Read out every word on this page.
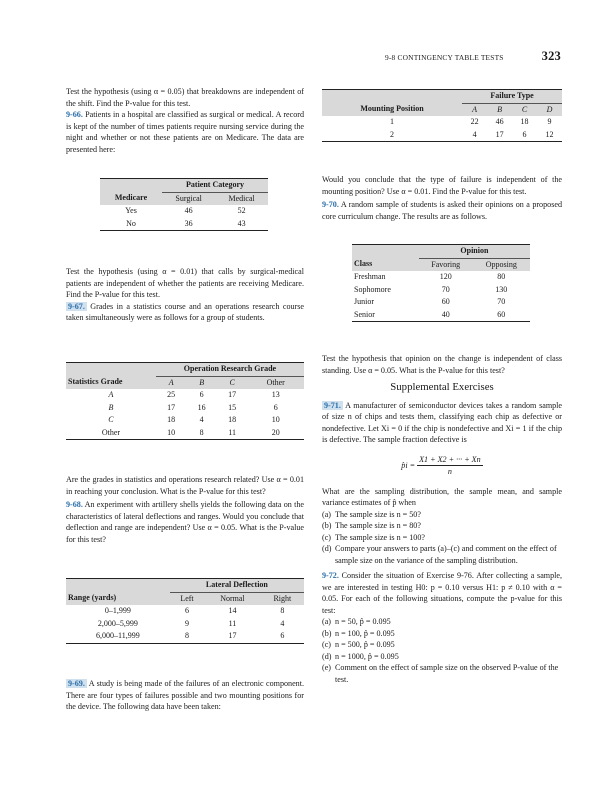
9-8 CONTINGENCY TABLE TESTS	323

Test the hypothesis (using α = 0.05) that breakdowns are independent of the shift. Find the P-value for this test.

9-66. Patients in a hospital are classified as surgical or medical. A record is kept of the number of times patients require nursing service during the night and whether or not these patients are on Medicare. The data are presented here:

	Patient Category	
Medicare	Surgical	Medical
Yes	46	52
No	36	43

Test the hypothesis (using α = 0.01) that calls by surgical-medical patients are independent of whether the patients are receiving Medicare. Find the P-value for this test.

9-67. Grades in a statistics course and an operations research course taken simultaneously were as follows for a group of students.

	Operation Research Grade			
Statistics Grade	A	B	C	Other
A	25	6	17	13
B	17	16	15	6
C	18	4	18	10
Other	10	8	11	20

Are the grades in statistics and operations research related? Use α = 0.01 in reaching your conclusion. What is the P-value for this test?

9-68. An experiment with artillery shells yields the following data on the characteristics of lateral deflections and ranges. Would you conclude that deflection and range are independent? Use α = 0.05. What is the P-value for this test?

	Lateral Deflection		
Range (yards)	Left	Normal	Right
0–1,999	6	14	8
2,000–5,999	9	11	4
6,000–11,999	8	17	6

9-69. A study is being made of the failures of an electronic component. There are four types of failures possible and two mounting positions for the device. The following data have been taken:

	Failure Type			
Mounting Position	A	B	C	D
1	22	46	18	9
2	4	17	6	12

Would you conclude that the type of failure is independent of the mounting position? Use α = 0.01. Find the P-value for this test.

9-70. A random sample of students is asked their opinions on a proposed core curriculum change. The results are as follows.

	Opinion	
Class	Favoring	Opposing
Freshman	120	80
Sophomore	70	130
Junior	60	70
Senior	40	60

Test the hypothesis that opinion on the change is independent of class standing. Use α = 0.05. What is the P-value for this test?

Supplemental Exercises

9-71. A manufacturer of semiconductor devices takes a random sample of size n of chips and tests them, classifying each chip as defective or nondefective. Let Xi = 0 if the chip is nondefective and Xi = 1 if the chip is defective. The sample fraction defective is

p̂i = $\frac{X1 + X2 + \cdot\cdot\cdot + Xn}{n}$

What are the sampling distribution, the sample mean, and sample variance estimates of p̂ when

(a) The sample size is n = 50?
(b) The sample size is n = 80?
(c) The sample size is n = 100?
(d) Compare your answers to parts (a)–(c) and comment on the effect of sample size on the variance of the sampling distribution.

9-72. Consider the situation of Exercise 9-76. After collecting a sample, we are interested in testing H0: p = 0.10 versus H1: p ≠ 0.10 with α = 0.05. For each of the following situations, compute the p-value for this test:

(a) n = 50, p̂ = 0.095
(b) n = 100, p̂ = 0.095
(c) n = 500, p̂ = 0.095
(d) n = 1000, p̂ = 0.095
(e) Comment on the effect of sample size on the observed P-value of the test.
